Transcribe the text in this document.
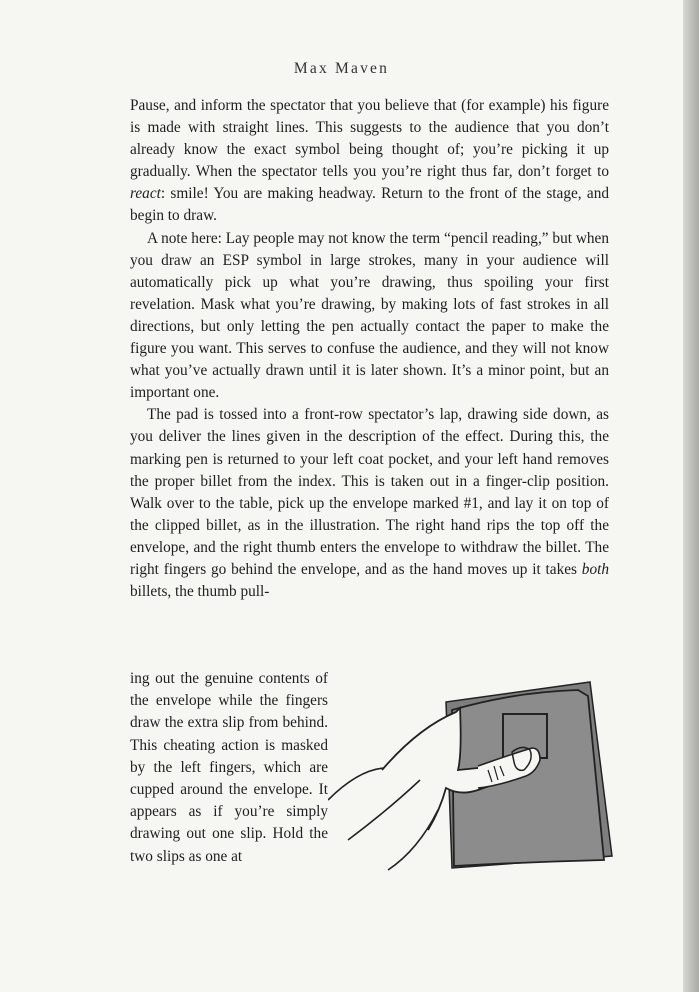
Max Maven

Pause, and inform the spectator that you believe that (for example) his figure is made with straight lines. This suggests to the audience that you don’t already know the exact symbol being thought of; you’re picking it up gradually. When the spectator tells you you’re right thus far, don’t forget to react: smile! You are making headway. Return to the front of the stage, and begin to draw.

A note here: Lay people may not know the term “pencil reading,” but when you draw an ESP symbol in large strokes, many in your audience will automatically pick up what you’re drawing, thus spoiling your first revelation. Mask what you’re drawing, by making lots of fast strokes in all directions, but only letting the pen actually contact the paper to make the figure you want. This serves to confuse the audience, and they will not know what you’ve actually drawn until it is later shown. It’s a minor point, but an important one.

The pad is tossed into a front-row spectator’s lap, drawing side down, as you deliver the lines given in the description of the effect. During this, the marking pen is returned to your left coat pocket, and your left hand removes the proper billet from the index. This is taken out in a finger-clip position. Walk over to the table, pick up the envelope marked #1, and lay it on top of the clipped billet, as in the illustration. The right hand rips the top off the envelope, and the right thumb enters the envelope to withdraw the billet. The right fingers go behind the envelope, and as the hand moves up it takes both billets, the thumb pull-

ing out the genuine contents of the envelope while the fingers draw the extra slip from behind. This cheating action is masked by the left fingers, which are cupped around the envelope. It appears as if you’re simply drawing out one slip. Hold the two slips as one at
